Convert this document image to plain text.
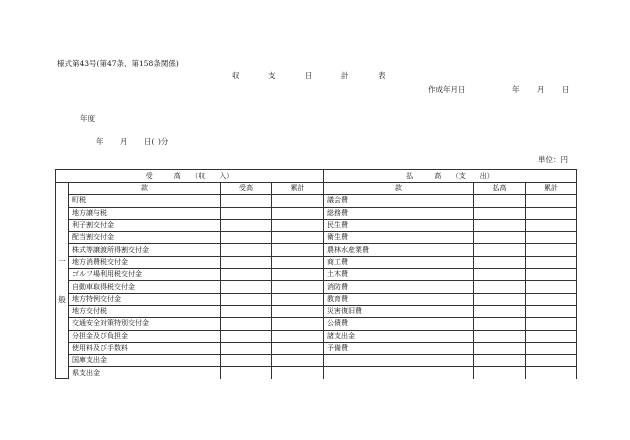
様式第43号(第47条、第158条関係)
収	支	日	計	表
作成年月日	年 月 日
年度
年 月 日( )分
単位：円
受　　　高　　（収　　入）				払　　　高　　（支　　出）		

一
般	款	受高	累計	款	払高	累計
	町税			議会費		
	地方譲与税			総務費		
	利子割交付金			民生費		
	配当割交付金			衛生費		
	株式等譲渡所得割交付金			農林水産業費		
	地方消費税交付金			商工費		
	ゴルフ場利用税交付金			土木費		
	自動車取得税交付金			消防費		
	地方特例交付金			教育費		
	地方交付税			災害復旧費		
	交通安全対策特別交付金			公債費		
	分担金及び負担金			諸支出金		
	使用料及び手数料			予備費		
	国庫支出金					
	県支出金					
